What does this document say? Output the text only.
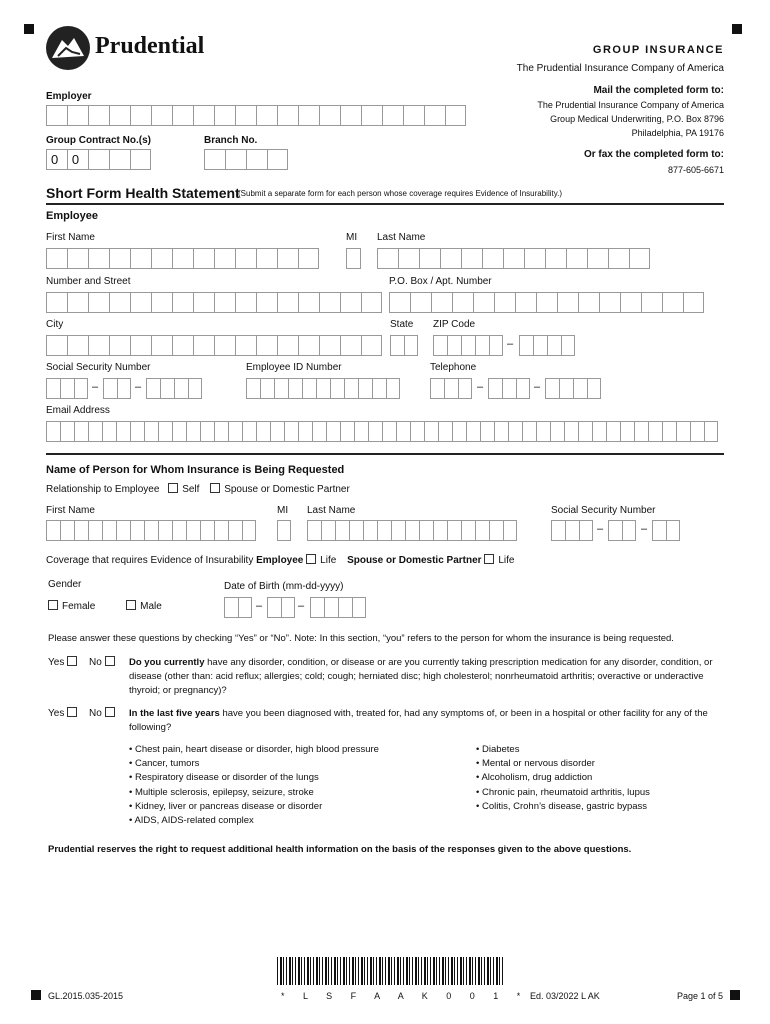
Prudential	GROUP INSURANCE
The Prudential Insurance Company of America
Mail the completed form to:
The Prudential Insurance Company of America
Group Medical Underwriting, P.O. Box 8796
Philadelphia, PA 19176
Or fax the completed form to:
877-605-6671
Employer
Group Contract No.(s)
0 0
Branch No.
Short Form Health Statement
(Submit a separate form for each person whose coverage requires Evidence of Insurability.)
Employee
First Name	MI Last Name
Number and Street	P.O. Box / Apt. Number
City	State ZIP Code
–
Social Security Number	Employee ID Number	Telephone
–	–	–	–
Email Address
Name of Person for Whom Insurance is Being Requested
Relationship to Employee Self Spouse or Domestic Partner
First Name	MI Last Name	Social Security Number
–	–
Coverage that requires Evidence of Insurability Employee Life Spouse or Domestic Partner Life
Gender
Female	Male
Date of Birth (mm-dd-yyyy)
–	–
Please answer these questions by checking “Yes” or “No”. Note: In this section, “you” refers to the person for whom the insurance is being requested.
Yes	No	Do you currently have any disorder, condition, or disease or are you currently taking prescription medication for any disorder, condition, or disease (other than: acid reflux; allergies; cold; cough; herniated disc; high cholesterol; nonrheumatoid arthritis; overactive or underactive thyroid; or pregnancy)?
Yes	No	In the last five years have you been diagnosed with, treated for, had any symptoms of, or been in a hospital or other facility for any of the following?
• Chest pain, heart disease or disorder, high blood pressure
• Cancer, tumors
• Respiratory disease or disorder of the lungs
• Multiple sclerosis, epilepsy, seizure, stroke
• Kidney, liver or pancreas disease or disorder
• AIDS, AIDS-related complex
• Diabetes
• Mental or nervous disorder
• Alcoholism, drug addiction
• Chronic pain, rheumatoid arthritis, lupus
• Colitis, Crohn’s disease, gastric bypass
Prudential reserves the right to request additional health information on the basis of the responses given to the above questions.
GL.2015.035-2015	* L S F A A K 0 0 1 * Ed. 03/2022 L AK	Page 1 of 5
